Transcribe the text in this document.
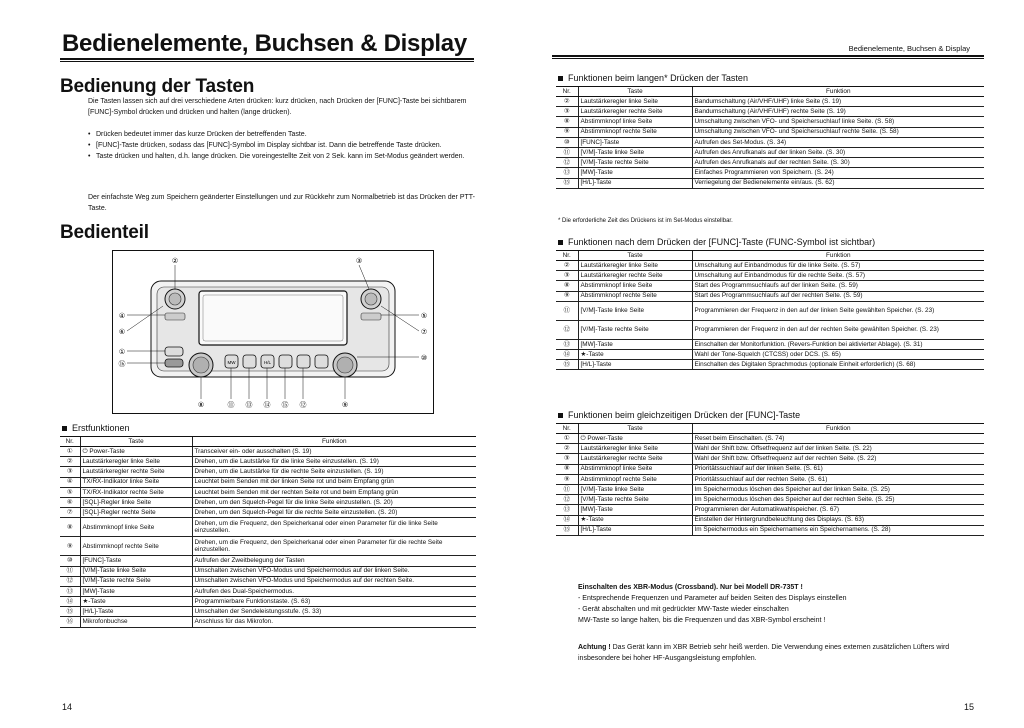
Bedienelemente, Buchsen & Display
Bedienung der Tasten
Die Tasten lassen sich auf drei verschiedene Arten drücken: kurz drücken, nach Drücken der [FUNC]-Taste bei sichtbarem [FUNC]-Symbol drücken und drücken und halten (lange drücken).
• Drücken bedeutet immer das kurze Drücken der betreffenden Taste.
• [FUNC]-Taste drücken, sodass das [FUNC]-Symbol im Display sichtbar ist. Dann die betreffende Taste drücken.
• Taste drücken und halten, d.h. lange drücken. Die voreingestellte Zeit von 2 Sek. kann im Set-Modus geändert werden.
Der einfachste Weg zum Speichern geänderter Einstellungen und zur Rückkehr zum Normalbetrieb ist das Drücken der PTT-Taste.
Bedienteil
MW	H/L
②	③
④
⑥
⑤
⑦
①
⑯
⑩
⑧	⑪ ⑬ ⑭ ⑮ ⑫	⑨
Erstfunktionen
Nr.	Taste	Funktion
①	⏻ Power-Taste	Transceiver ein- oder ausschalten (S. 19)
②	Lautstärkeregler linke Seite	Drehen, um die Lautstärke für die linke Seite einzustellen. (S. 19)
③	Lautstärkeregler rechte Seite	Drehen, um die Lautstärke für die rechte Seite einzustellen. (S. 19)
④	TX/RX-Indikator linke Seite	Leuchtet beim Senden mit der linken Seite rot und beim Empfang grün
⑤	TX/RX-Indikator rechte Seite	Leuchtet beim Senden mit der rechten Seite rot und beim Empfang grün
⑥	[SQL]-Regler linke Seite	Drehen, um den Squelch-Pegel für die linke Seite einzustellen. (S. 20)
⑦	[SQL]-Regler rechte Seite	Drehen, um den Squelch-Pegel für die rechte Seite einzustellen. (S. 20)
⑧	Abstimmknopf linke Seite	Drehen, um die Frequenz, den Speicherkanal oder einen Parameter für die linke Seite einzustellen.
⑨	Abstimmknopf rechte Seite	Drehen, um die Frequenz, den Speicherkanal oder einen Parameter für die rechte Seite einzustellen.
⑩	[FUNC]-Taste	Aufrufen der Zweitbelegung der Tasten
⑪	[V/M]-Taste linke Seite	Umschalten zwischen VFO-Modus und Speichermodus auf der linken Seite.
⑫	[V/M]-Taste rechte Seite	Umschalten zwischen VFO-Modus und Speichermodus auf der rechten Seite.
⑬	[MW]-Taste	Aufrufen des Dual-Speichermodus.
⑭	★-Taste	Programmierbare Funktionstaste. (S. 63)
⑮	[H/L]-Taste	Umschalten der Sendeleistungsstufe. (S. 33)
⑯	Mikrofonbuchse	Anschluss für das Mikrofon.
14
Bedienelemente, Buchsen & Display
Funktionen beim langen* Drücken der Tasten
Nr.	Taste	Funktion
②	Lautstärkeregler linke Seite	Bandumschaltung (Air/VHF/UHF) linke Seite (S. 19)
③	Lautstärkeregler rechte Seite	Bandumschaltung (Air/VHF/UHF) rechte Seite (S. 19)
⑧	Abstimmknopf linke Seite	Umschaltung zwischen VFO- und Speichersuchlauf linke Seite. (S. 58)
⑨	Abstimmknopf rechte Seite	Umschaltung zwischen VFO- und Speichersuchlauf rechte Seite. (S. 58)
⑩	[FUNC]-Taste	Aufrufen des Set-Modus. (S. 34)
⑪	[V/M]-Taste linke Seite	Aufrufen des Anrufkanals auf der linken Seite. (S. 30)
⑫	[V/M]-Taste rechte Seite	Aufrufen des Anrufkanals auf der rechten Seite. (S. 30)
⑬	[MW]-Taste	Einfaches Programmieren von Speichern. (S. 24)
⑮	[H/L]-Taste	Verriegelung der Bedienelemente ein/aus. (S. 62)
* Die erforderliche Zeit des Drückens ist im Set-Modus einstellbar.
Funktionen nach dem Drücken der [FUNC]-Taste (FUNC-Symbol ist sichtbar)
Nr.	Taste	Funktion
②	Lautstärkeregler linke Seite	Umschaltung auf Einbandmodus für die linke Seite. (S. 57)
③	Lautstärkeregler rechte Seite	Umschaltung auf Einbandmodus für die rechte Seite. (S. 57)
⑧	Abstimmknopf linke Seite	Start des Programmsuchlaufs auf der linken Seite. (S. 59)
⑨	Abstimmknopf rechte Seite	Start des Programmsuchlaufs auf der rechten Seite. (S. 59)
⑪	[V/M]-Taste linke Seite	Programmieren der Frequenz in den auf der linken Seite gewählten Speicher. (S. 23)
⑫	[V/M]-Taste rechte Seite	Programmieren der Frequenz in den auf der rechten Seite gewählten Speicher. (S. 23)
⑬	[MW]-Taste	Einschalten der Monitorfunktion. (Revers-Funktion bei aktivierter Ablage). (S. 31)
⑭	★-Taste	Wahl der Tone-Squelch (CTCSS) oder DCS. (S. 65)
⑮	[H/L]-Taste	Einschalten des Digitalen Sprachmodus (optionale Einheit erforderlich) (S. 68)
Funktionen beim gleichzeitigen Drücken der [FUNC]-Taste
Nr.	Taste	Funktion
①	⏻ Power-Taste	Reset beim Einschalten. (S. 74)
②	Lautstärkeregler linke Seite	Wahl der Shift bzw. Offsetfrequenz auf der linken Seite. (S. 22)
③	Lautstärkeregler rechte Seite	Wahl der Shift bzw. Offsetfrequenz auf der rechten Seite. (S. 22)
⑧	Abstimmknopf linke Seite	Prioritätssuchlauf auf der linken Seite. (S. 61)
⑨	Abstimmknopf rechte Seite	Prioritätssuchlauf auf der rechten Seite. (S. 61)
⑪	[V/M]-Taste linke Seite	Im Speichermodus löschen des Speicher auf der linken Seite. (S. 25)
⑫	[V/M]-Taste rechte Seite	Im Speichermodus löschen des Speicher auf der rechten Seite. (S. 25)
⑬	[MW]-Taste	Programmieren der Automatikwahlspeicher. (S. 67)
⑭	★-Taste	Einstellen der Hintergrundbeleuchtung des Displays. (S. 63)
⑮	[H/L]-Taste	Im Speichermodus ein Speichernamens ein Speichernamens. (S. 28)
15
Einschalten des XBR-Modus (Crossband). Nur bei Modell DR-735T !
- Entsprechende Frequenzen und Parameter auf beiden Seiten des Displays einstellen
- Gerät abschalten und mit gedrückter MW-Taste wieder einschalten
MW-Taste so lange halten, bis die Frequenzen und das XBR-Symbol erscheint !
Achtung ! Das Gerät kann im XBR Betrieb sehr heiß werden. Die Verwendung eines externen zusätzlichen Lüfters wird insbesondere bei hoher HF-Ausgangsleistung empfohlen.
